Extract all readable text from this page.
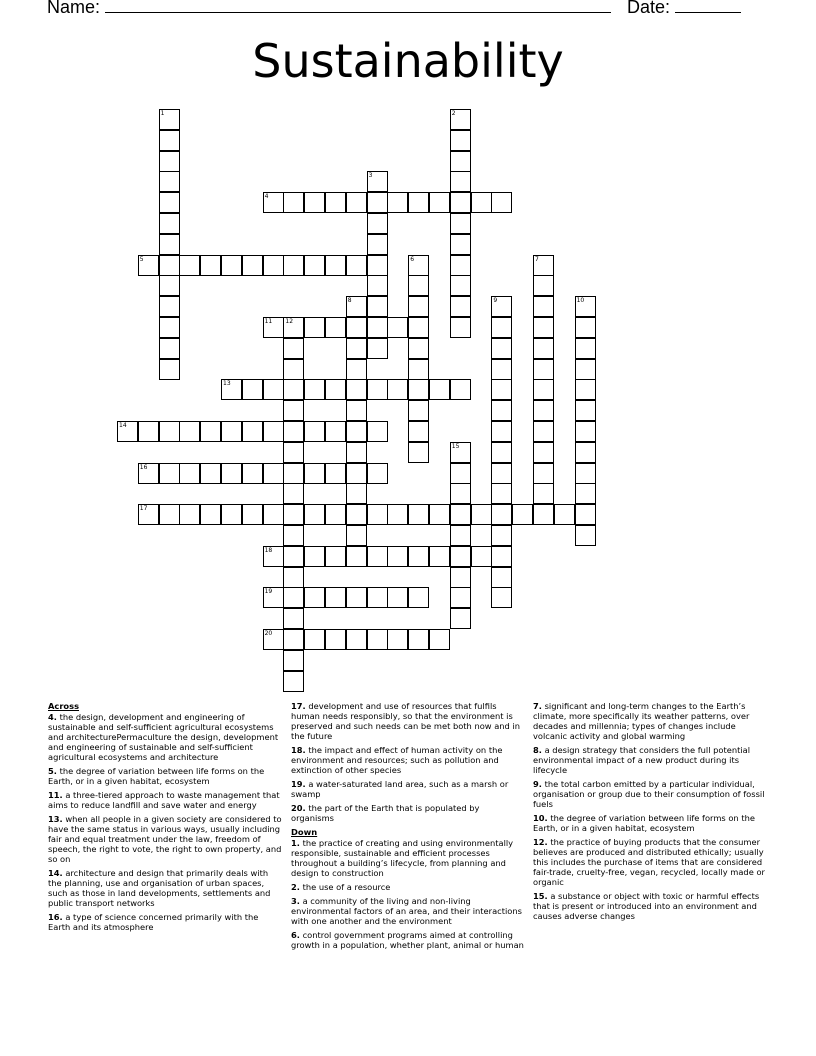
Name:	Date:
Sustainability
1	2
3
4
5	6	7
8	9	10
11 12
13
14
15
16
17
18
19
20
Across
4. the design, development and engineering of sustainable and self-sufficient agricultural ecosystems and architecturePermaculture the design, development and engineering of sustainable and self-sufficient agricultural ecosystems and architecture
5. the degree of variation between life forms on the Earth, or in a given habitat, ecosystem
11. a three-tiered approach to waste management that aims to reduce landfill and save water and energy
13. when all people in a given society are considered to have the same status in various ways, usually including fair and equal treatment under the law, freedom of speech, the right to vote, the right to own property, and so on
14. architecture and design that primarily deals with the planning, use and organisation of urban spaces, such as those in land developments, settlements and public transport networks
16. a type of science concerned primarily with the Earth and its atmosphere
17. development and use of resources that fulfils human needs responsibly, so that the environment is preserved and such needs can be met both now and in the future
18. the impact and effect of human activity on the environment and resources; such as pollution and extinction of other species
19. a water-saturated land area, such as a marsh or swamp
20. the part of the Earth that is populated by organisms
Down
1. the practice of creating and using environmentally responsible, sustainable and efficient processes throughout a building’s lifecycle, from planning and design to construction
2. the use of a resource
3. a community of the living and non-living environmental factors of an area, and their interactions with one another and the environment
6. control government programs aimed at controlling growth in a population, whether plant, animal or human
7. significant and long-term changes to the Earth’s climate, more specifically its weather patterns, over decades and millennia; types of changes include volcanic activity and global warming
8. a design strategy that considers the full potential environmental impact of a new product during its lifecycle
9. the total carbon emitted by a particular individual, organisation or group due to their consumption of fossil fuels
10. the degree of variation between life forms on the Earth, or in a given habitat, ecosystem
12. the practice of buying products that the consumer believes are produced and distributed ethically; usually this includes the purchase of items that are considered fair-trade, cruelty-free, vegan, recycled, locally made or organic
15. a substance or object with toxic or harmful effects that is present or introduced into an environment and causes adverse changes
